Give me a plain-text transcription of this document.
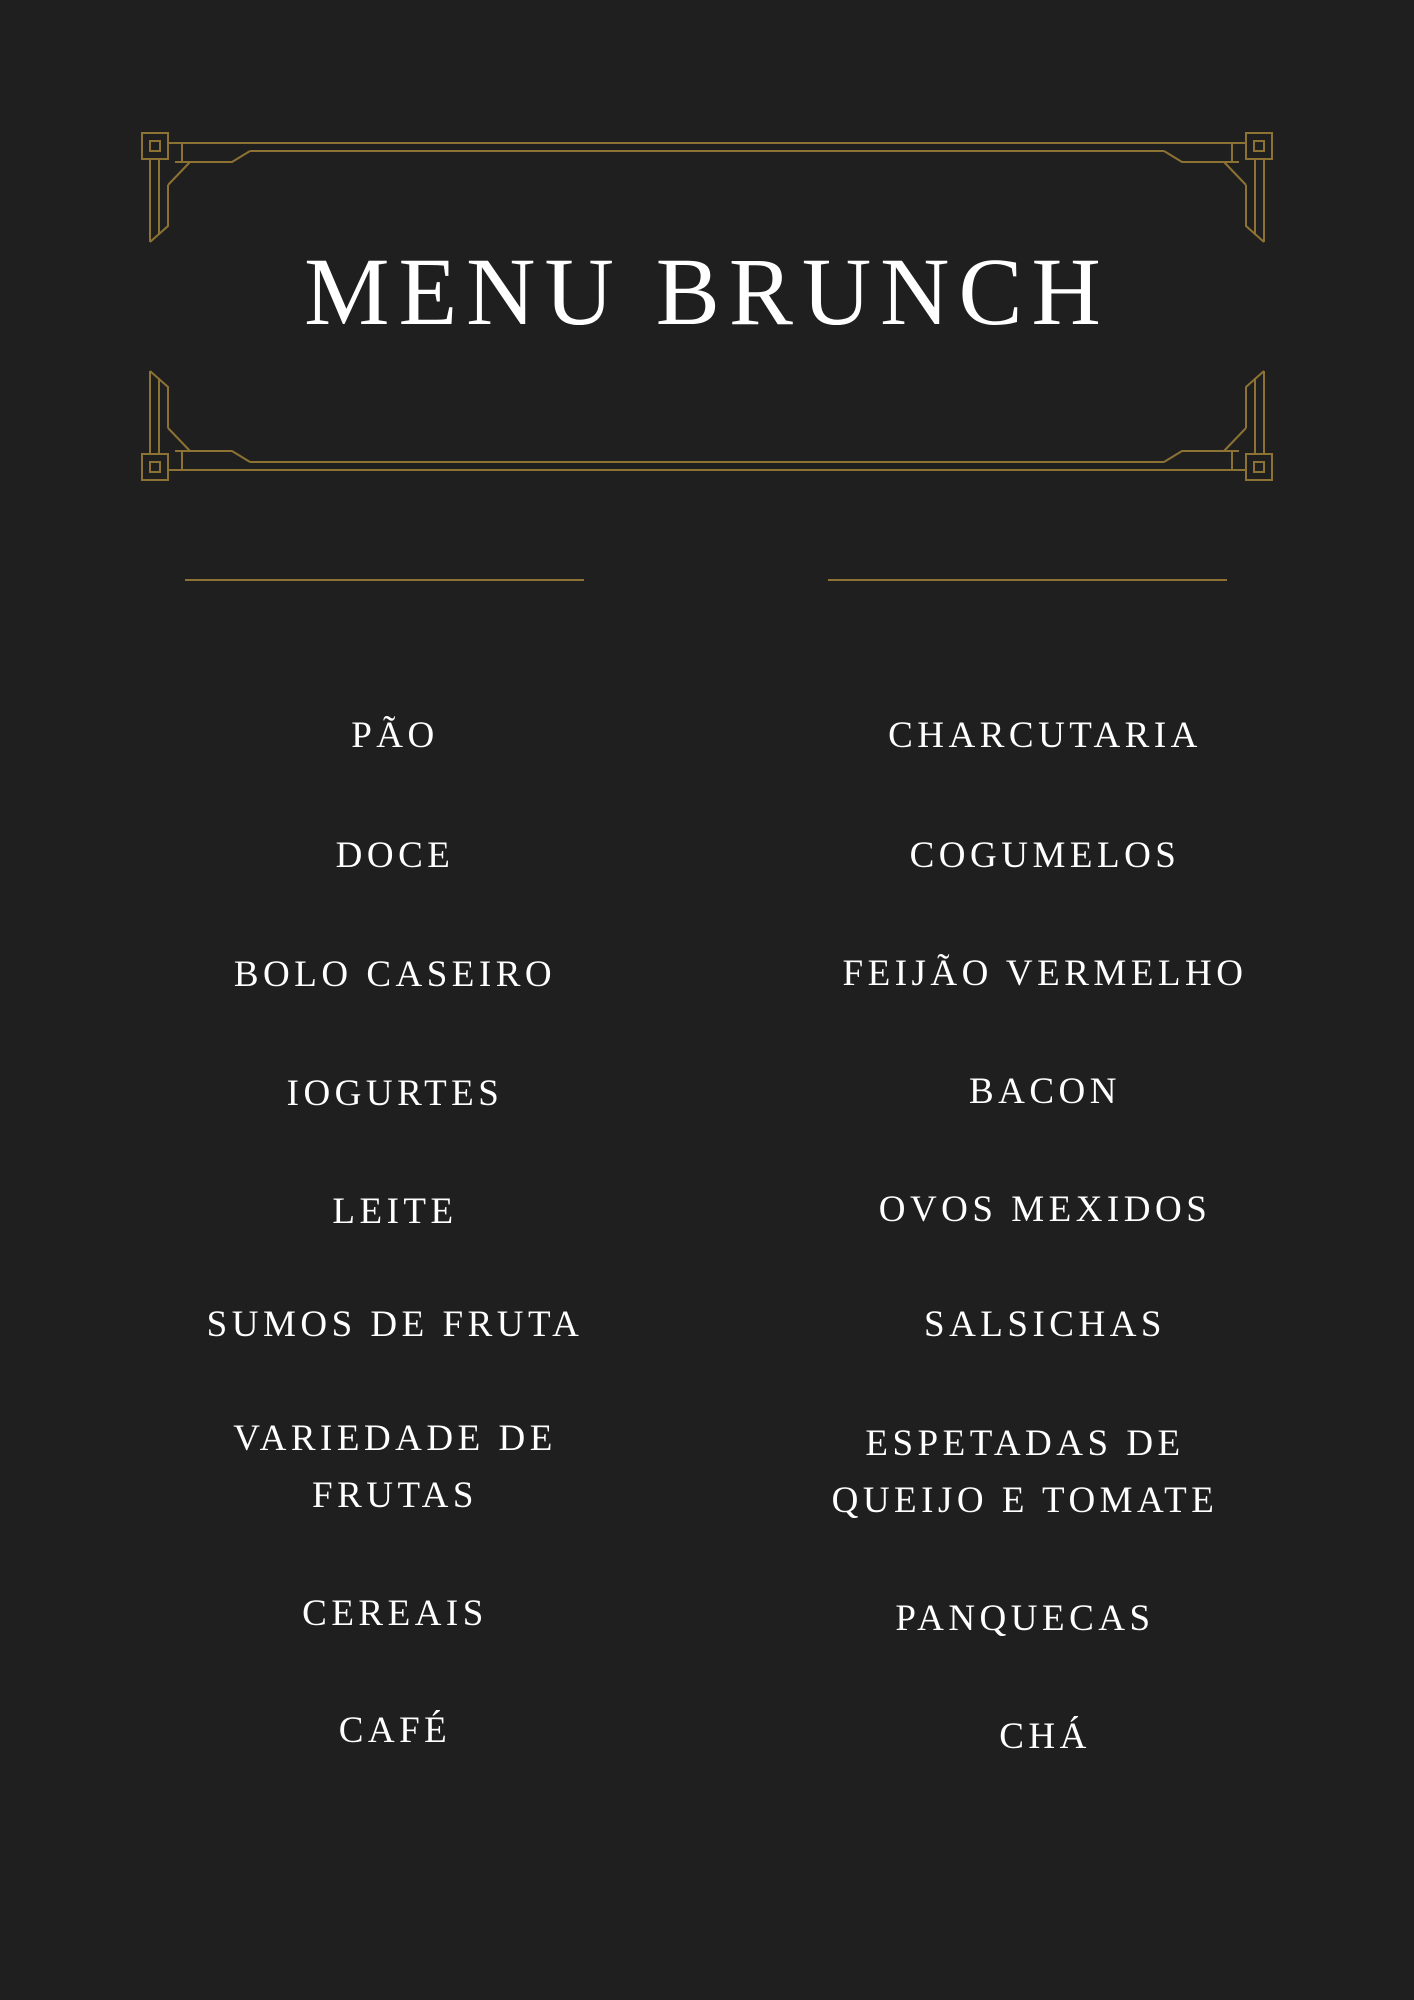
MENU BRUNCH
PÃO
DOCE
BOLO CASEIRO
IOGURTES
LEITE
SUMOS DE FRUTA
VARIEDADE DE
FRUTAS
CEREAIS
CAFÉ
CHARCUTARIA
COGUMELOS
FEIJÃO VERMELHO
BACON
OVOS MEXIDOS
SALSICHAS
ESPETADAS DE
QUEIJO E TOMATE
PANQUECAS
CHÁ
